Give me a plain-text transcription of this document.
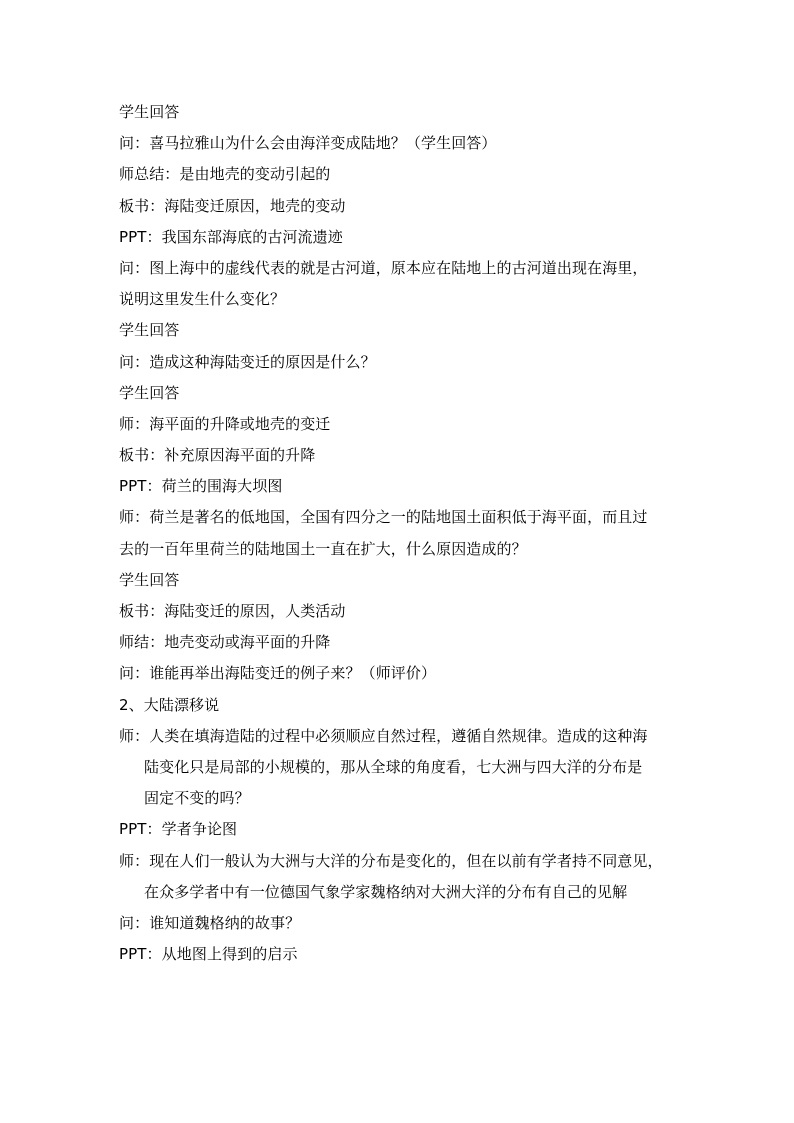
学生回答
问：喜马拉雅山为什么会由海洋变成陆地？（学生回答）
师总结：是由地壳的变动引起的
板书：海陆变迁原因，地壳的变动
PPT：我国东部海底的古河流遗迹
问：图上海中的虚线代表的就是古河道，原本应在陆地上的古河道出现在海里，
说明这里发生什么变化？
学生回答
问：造成这种海陆变迁的原因是什么？
学生回答
师：海平面的升降或地壳的变迁
板书：补充原因海平面的升降
PPT：荷兰的围海大坝图
师：荷兰是著名的低地国，全国有四分之一的陆地国土面积低于海平面，而且过
去的一百年里荷兰的陆地国土一直在扩大，什么原因造成的？
学生回答
板书：海陆变迁的原因，人类活动
师结：地壳变动或海平面的升降
问：谁能再举出海陆变迁的例子来？（师评价）
2、大陆漂移说
师：人类在填海造陆的过程中必须顺应自然过程，遵循自然规律。造成的这种海
陆变化只是局部的小规模的，那从全球的角度看，七大洲与四大洋的分布是
固定不变的吗？
PPT：学者争论图
师：现在人们一般认为大洲与大洋的分布是变化的，但在以前有学者持不同意见，
在众多学者中有一位德国气象学家魏格纳对大洲大洋的分布有自己的见解
问：谁知道魏格纳的故事？
PPT：从地图上得到的启示
